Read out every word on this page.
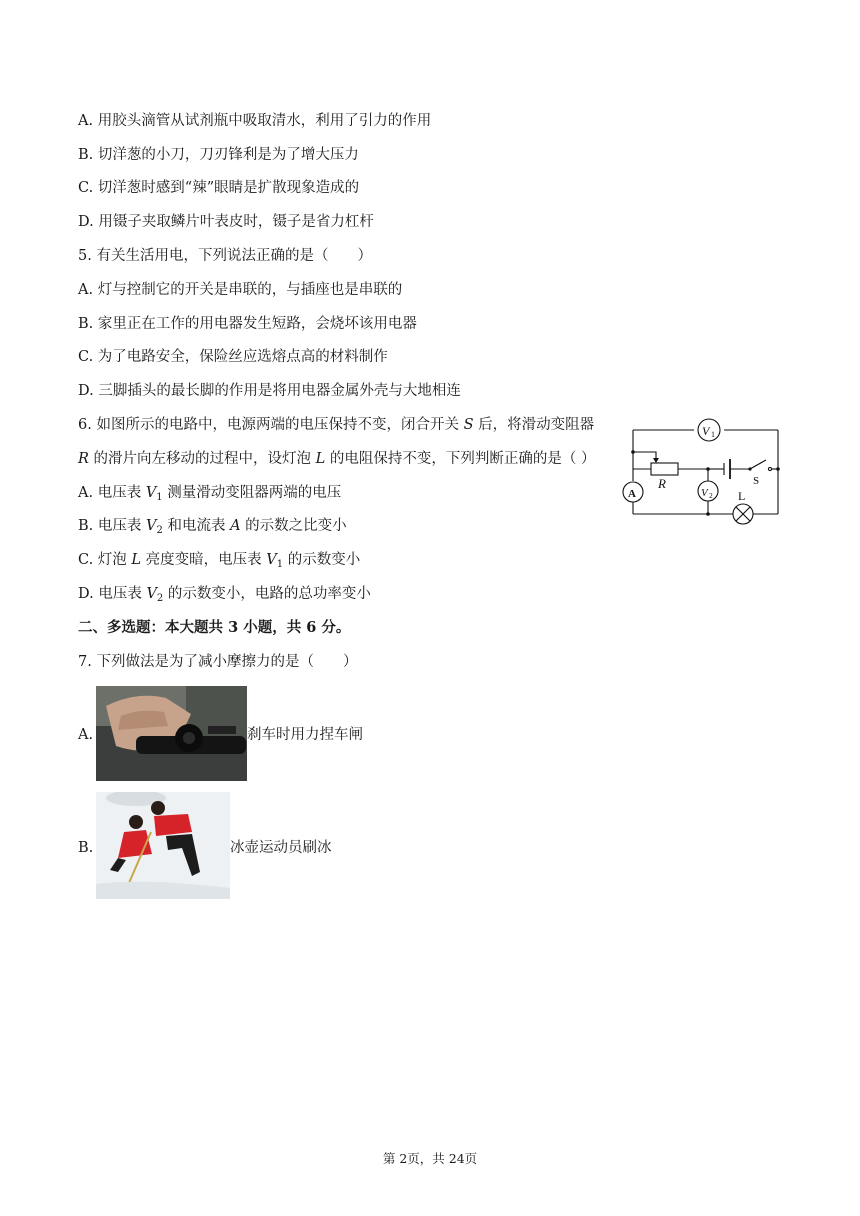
A. 用胶头滴管从试剂瓶中吸取清水，利用了引力的作用
B. 切洋葱的小刀，刀刃锋利是为了增大压力
C. 切洋葱时感到“辣”眼睛是扩散现象造成的
D. 用镊子夹取鳞片叶表皮时，镊子是省力杠杆
5. 有关生活用电，下列说法正确的是（　　）
A. 灯与控制它的开关是串联的，与插座也是串联的
B. 家里正在工作的用电器发生短路，会烧坏该用电器
C. 为了电路安全，保险丝应选熔点高的材料制作
D. 三脚插头的最长脚的作用是将用电器金属外壳与大地相连
6. 如图所示的电路中，电源两端的电压保持不变，闭合开关 S 后，将滑动变阻器
R 的滑片向左移动的过程中，设灯泡 L 的电阻保持不变，下列判断正确的是（ ）
A. 电压表 $V_1$ 测量滑动变阻器两端的电压
B. 电压表 $V_2$ 和电流表 A 的示数之比变小
C. 灯泡 L 亮度变暗，电压表 $V_1$ 的示数变小
D. 电压表 $V_2$ 的示数变小，电路的总功率变小
V 1
R	S
V 2
A	L
二、多选题：本大题共 3 小题，共 6 分。
7. 下列做法是为了减小摩擦力的是（　　）
A.	刹车时用力捏车闸
B.	冰壶运动员刷冰
第 2页，共 24页
